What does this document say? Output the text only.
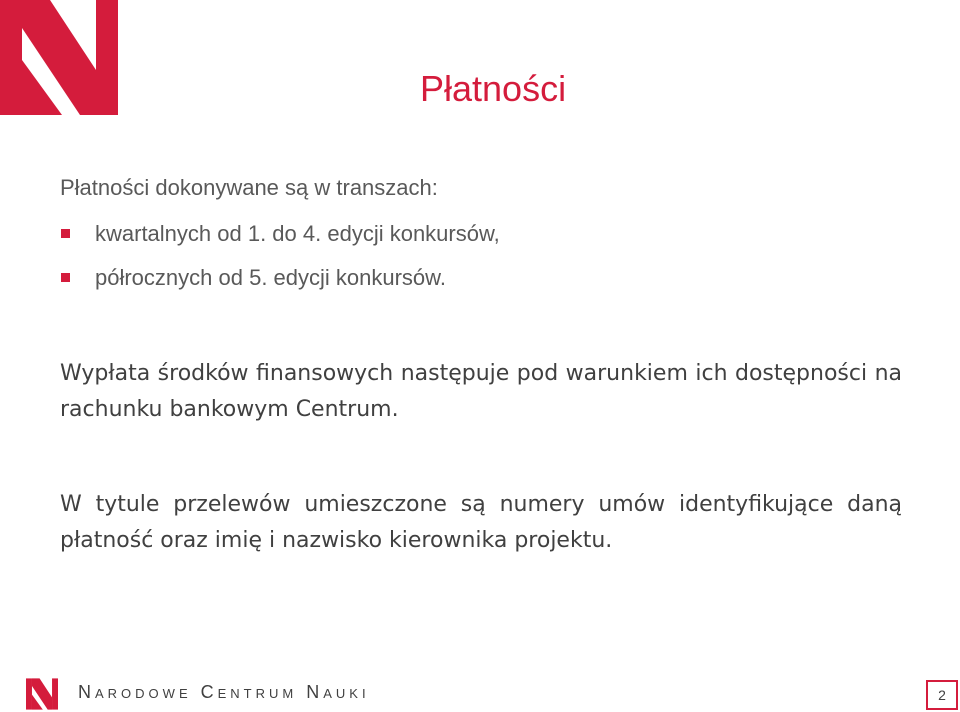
Płatności

Płatności dokonywane są w transzach:

kwartalnych od 1. do 4. edycji konkursów,
półrocznych od 5. edycji konkursów.

Wypłata środków finansowych następuje pod warunkiem ich dostępności na rachunku bankowym Centrum.

W tytule przelewów umieszczone są numery umów identyfikujące daną płatność oraz imię i nazwisko kierownika projektu.

Narodowe Centrum Nauki	2
